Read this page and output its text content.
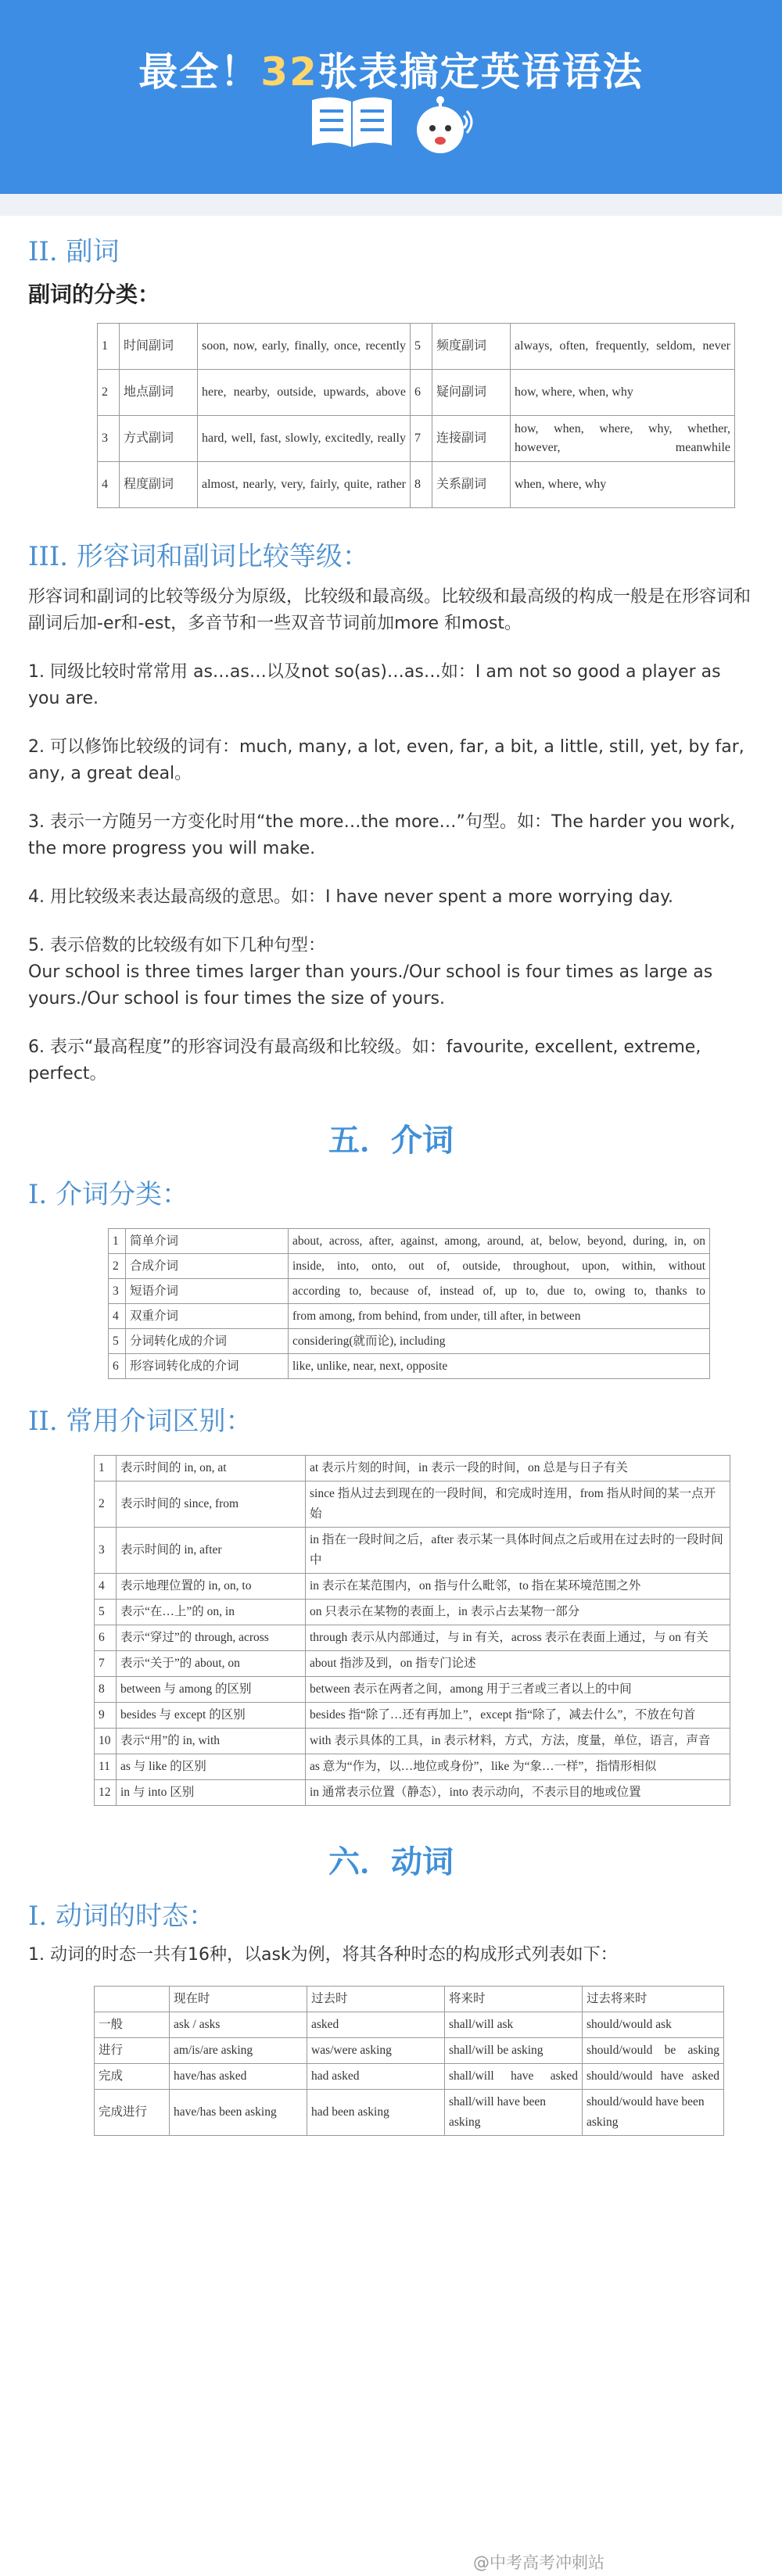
最全！32张表搞定英语语法
II. 副词
副词的分类：
1	时间副词	soon, now, early, finally, once, recently	5	频度副词	always, often, frequently, seldom, never
2	地点副词	here, nearby, outside, upwards, above	6	疑问副词	how, where, when, why
3	方式副词	hard, well, fast, slowly, excitedly, really	7	连接副词	how, when, where, why, whether, however, meanwhile
4	程度副词	almost, nearly, very, fairly, quite, rather	8	关系副词	when, where, why
III. 形容词和副词比较等级：

形容词和副词的比较等级分为原级，比较级和最高级。比较级和最高级的构成一般是在形容词和副词后加-er和-est，多音节和一些双音节词前加more 和most。

1. 同级比较时常常用 as…as…以及not so(as)…as…如：I am not so good a player as you are.

2. 可以修饰比较级的词有：much, many, a lot, even, far, a bit, a little, still, yet, by far, any, a great deal。

3. 表示一方随另一方变化时用“the more…the more…”句型。如：The harder you work, the more progress you will make.

4. 用比较级来表达最高级的意思。如：I have never spent a more worrying day.

5. 表示倍数的比较级有如下几种句型：

Our school is three times larger than yours./Our school is four times as large as yours./Our school is four times the size of yours.

6. 表示“最高程度”的形容词没有最高级和比较级。如：favourite, excellent, extreme, perfect。

五．介词
I. 介词分类：
1	简单介词	about, across, after, against, among, around, at, below, beyond, during, in, on
2	合成介词	inside, into, onto, out of, outside, throughout, upon, within, without
3	短语介词	according to, because of, instead of, up to, due to, owing to, thanks to
4	双重介词	from among, from behind, from under, till after, in between
5	分词转化成的介词	considering(就而论), including
6	形容词转化成的介词	like, unlike, near, next, opposite
II. 常用介词区别：
1	表示时间的 in, on, at	at 表示片刻的时间，in 表示一段的时间，on 总是与日子有关
2	表示时间的 since, from	since 指从过去到现在的一段时间，和完成时连用，from 指从时间的某一点开始
3	表示时间的 in, after	in 指在一段时间之后，after 表示某一具体时间点之后或用在过去时的一段时间中
4	表示地理位置的 in, on, to	in 表示在某范围内，on 指与什么毗邻，to 指在某环境范围之外
5	表示“在…上”的 on, in	on 只表示在某物的表面上，in 表示占去某物一部分
6	表示“穿过”的 through, across	through 表示从内部通过，与 in 有关，across 表示在表面上通过，与 on 有关
7	表示“关于”的 about, on	about 指涉及到，on 指专门论述
8	between 与 among 的区别	between 表示在两者之间，among 用于三者或三者以上的中间
9	besides 与 except 的区别	besides 指“除了…还有再加上”，except 指“除了，减去什么”，不放在句首
10	表示“用”的 in, with	with 表示具体的工具，in 表示材料，方式，方法，度量，单位，语言，声音
11	as 与 like 的区别	as 意为“作为，以…地位或身份”，like 为“象…一样”，指情形相似
12	in 与 into 区别	in 通常表示位置（静态），into 表示动向，不表示目的地或位置
六．动词
I. 动词的时态：

1. 动词的时态一共有16种，以ask为例，将其各种时态的构成形式列表如下：

	现在时	过去时	将来时	过去将来时
一般	ask / asks	asked	shall/will ask	should/would ask
进行	am/is/are asking	was/were asking	shall/will be asking	should/would be asking
完成	have/has asked	had asked	shall/will have asked	should/would have asked
完成进行	have/has been asking	had been asking	shall/will have been asking	should/would have been asking
@中考高考冲刺站
